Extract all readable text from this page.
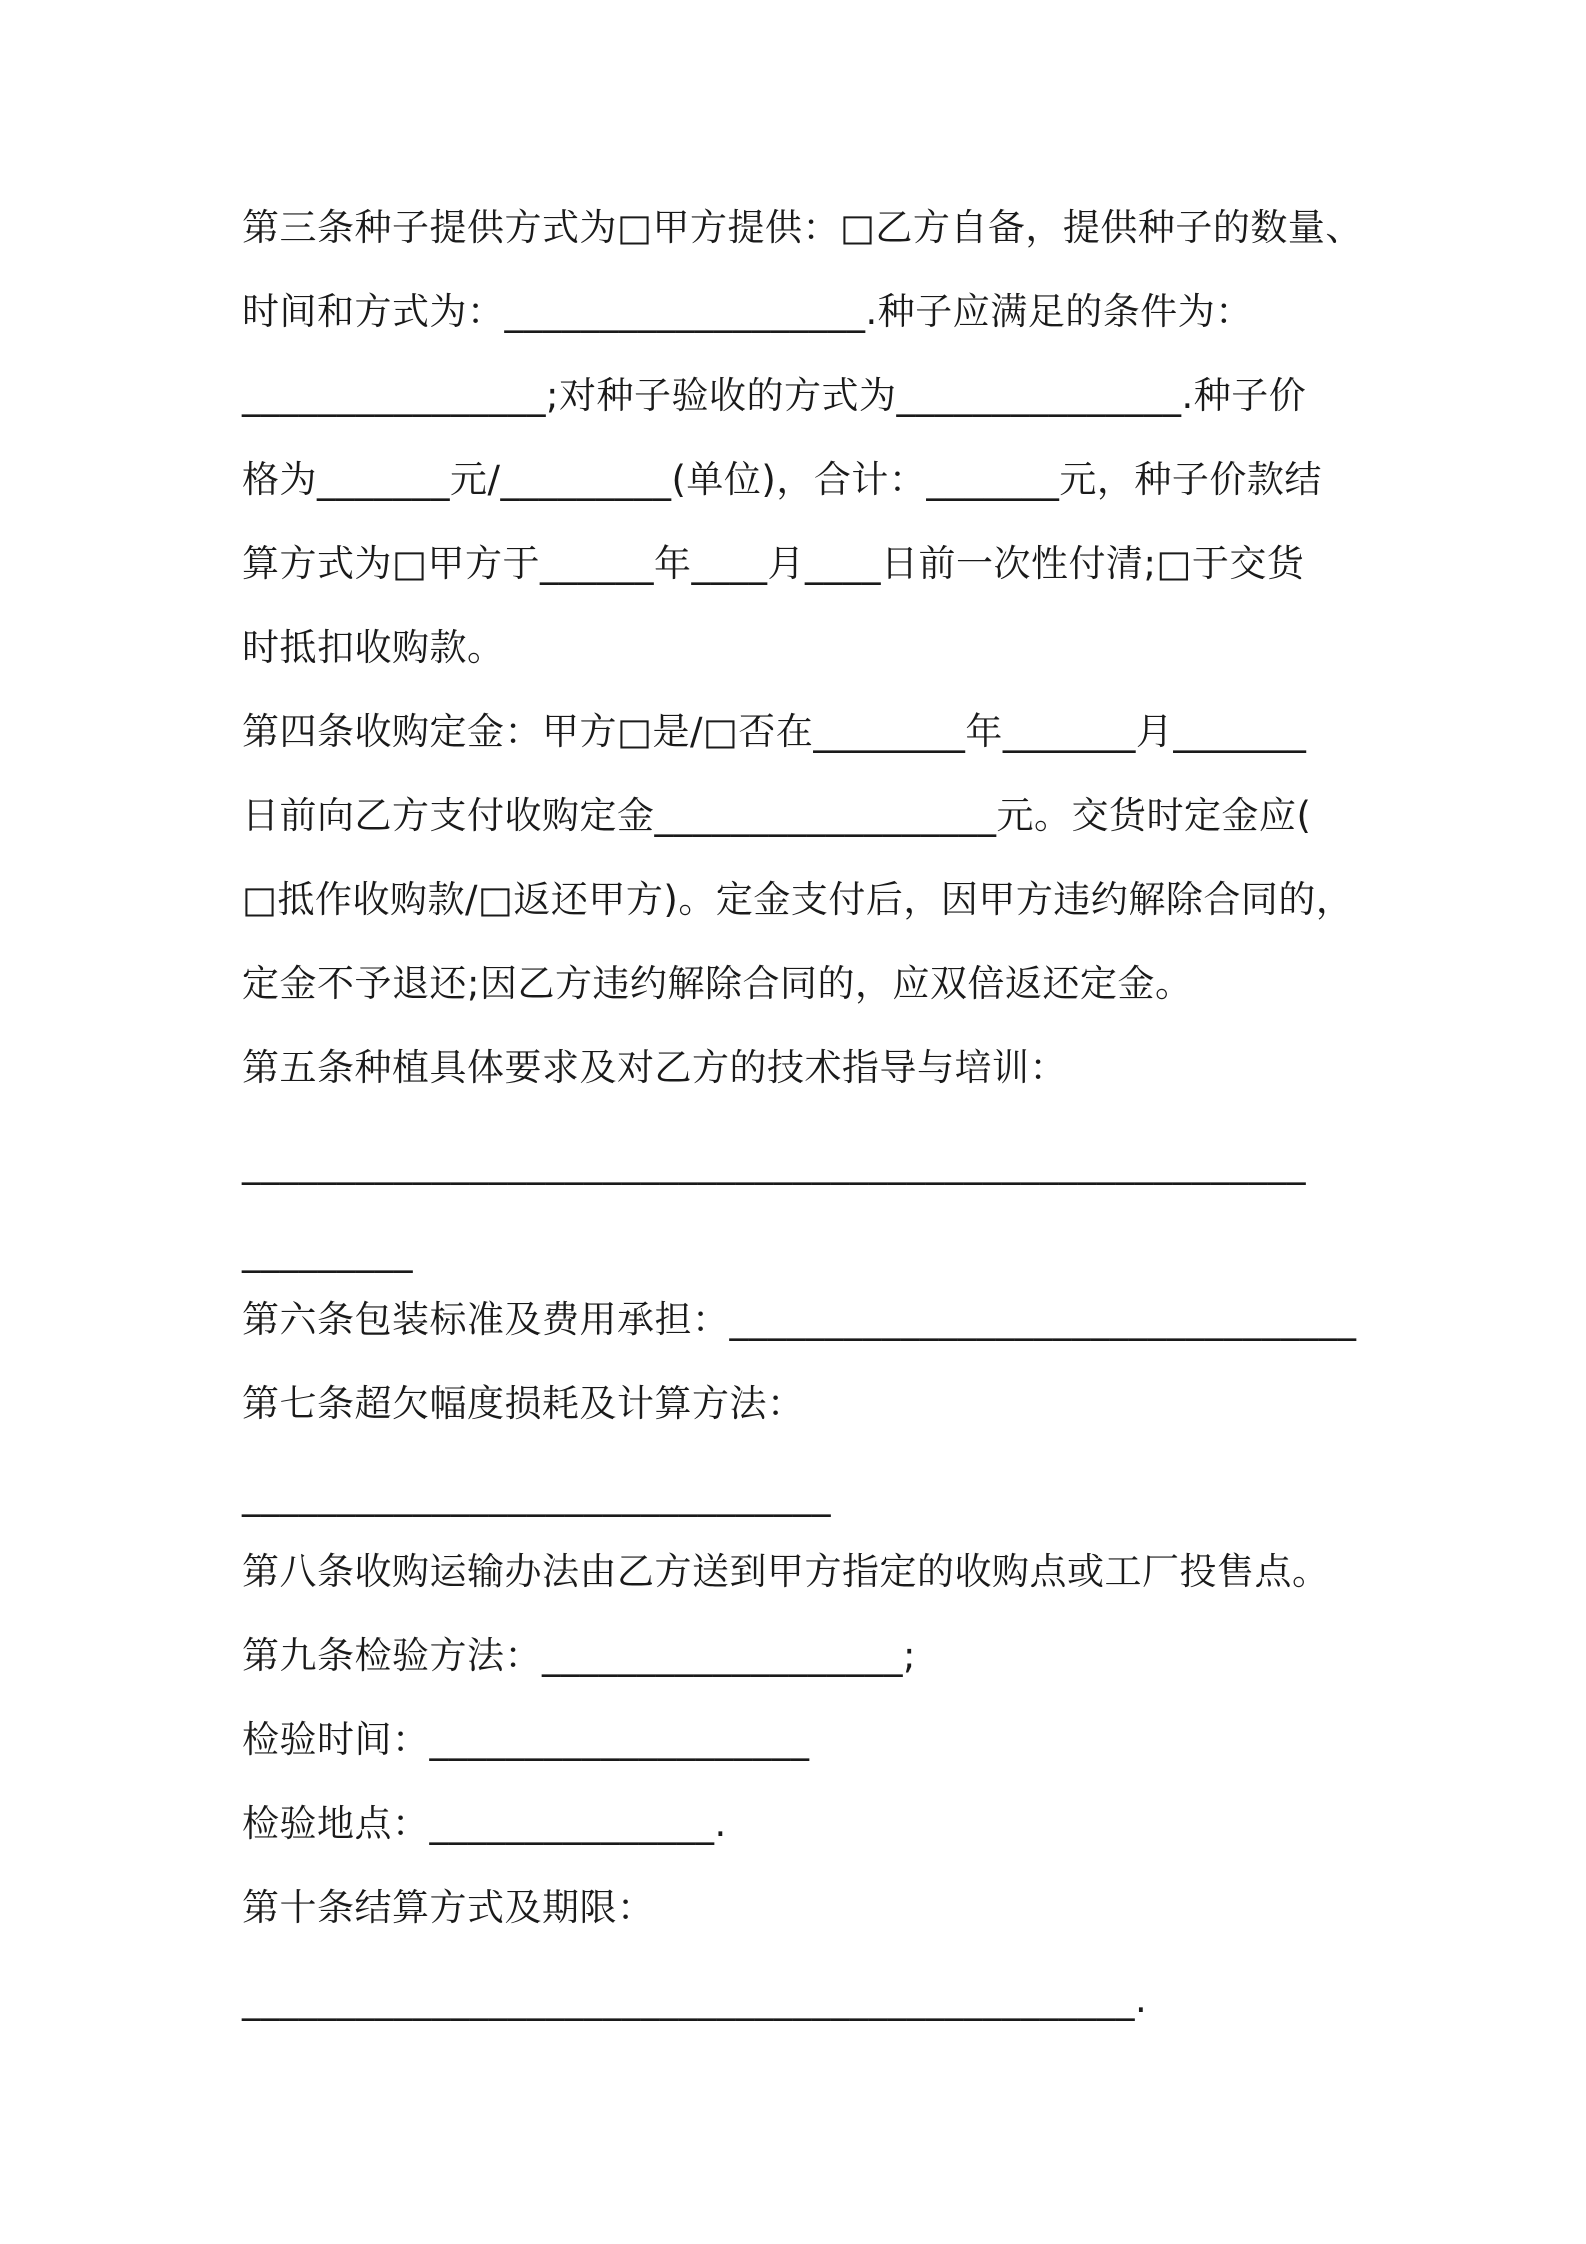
第三条种子提供方式为□甲方提供：□乙方自备，提供种子的数量、
时间和方式为：___________________.种子应满足的条件为：
________________;对种子验收的方式为_______________.种子价
格为_______元/_________(单位)，合计：_______元，种子价款结
算方式为□甲方于______年____月____日前一次性付清;□于交货
时抵扣收购款。
第四条收购定金：甲方□是/□否在________年_______月_______
日前向乙方支付收购定金__________________元。交货时定金应(
□抵作收购款/□返还甲方)。定金支付后，因甲方违约解除合同的，
定金不予退还;因乙方违约解除合同的，应双倍返还定金。
第五条种植具体要求及对乙方的技术指导与培训：
________________________________________________________
_________
第六条包装标准及费用承担：_________________________________
第七条超欠幅度损耗及计算方法：
_______________________________
第八条收购运输办法由乙方送到甲方指定的收购点或工厂投售点。
第九条检验方法：___________________;
检验时间：____________________
检验地点：_______________.
第十条结算方式及期限：
_______________________________________________.
